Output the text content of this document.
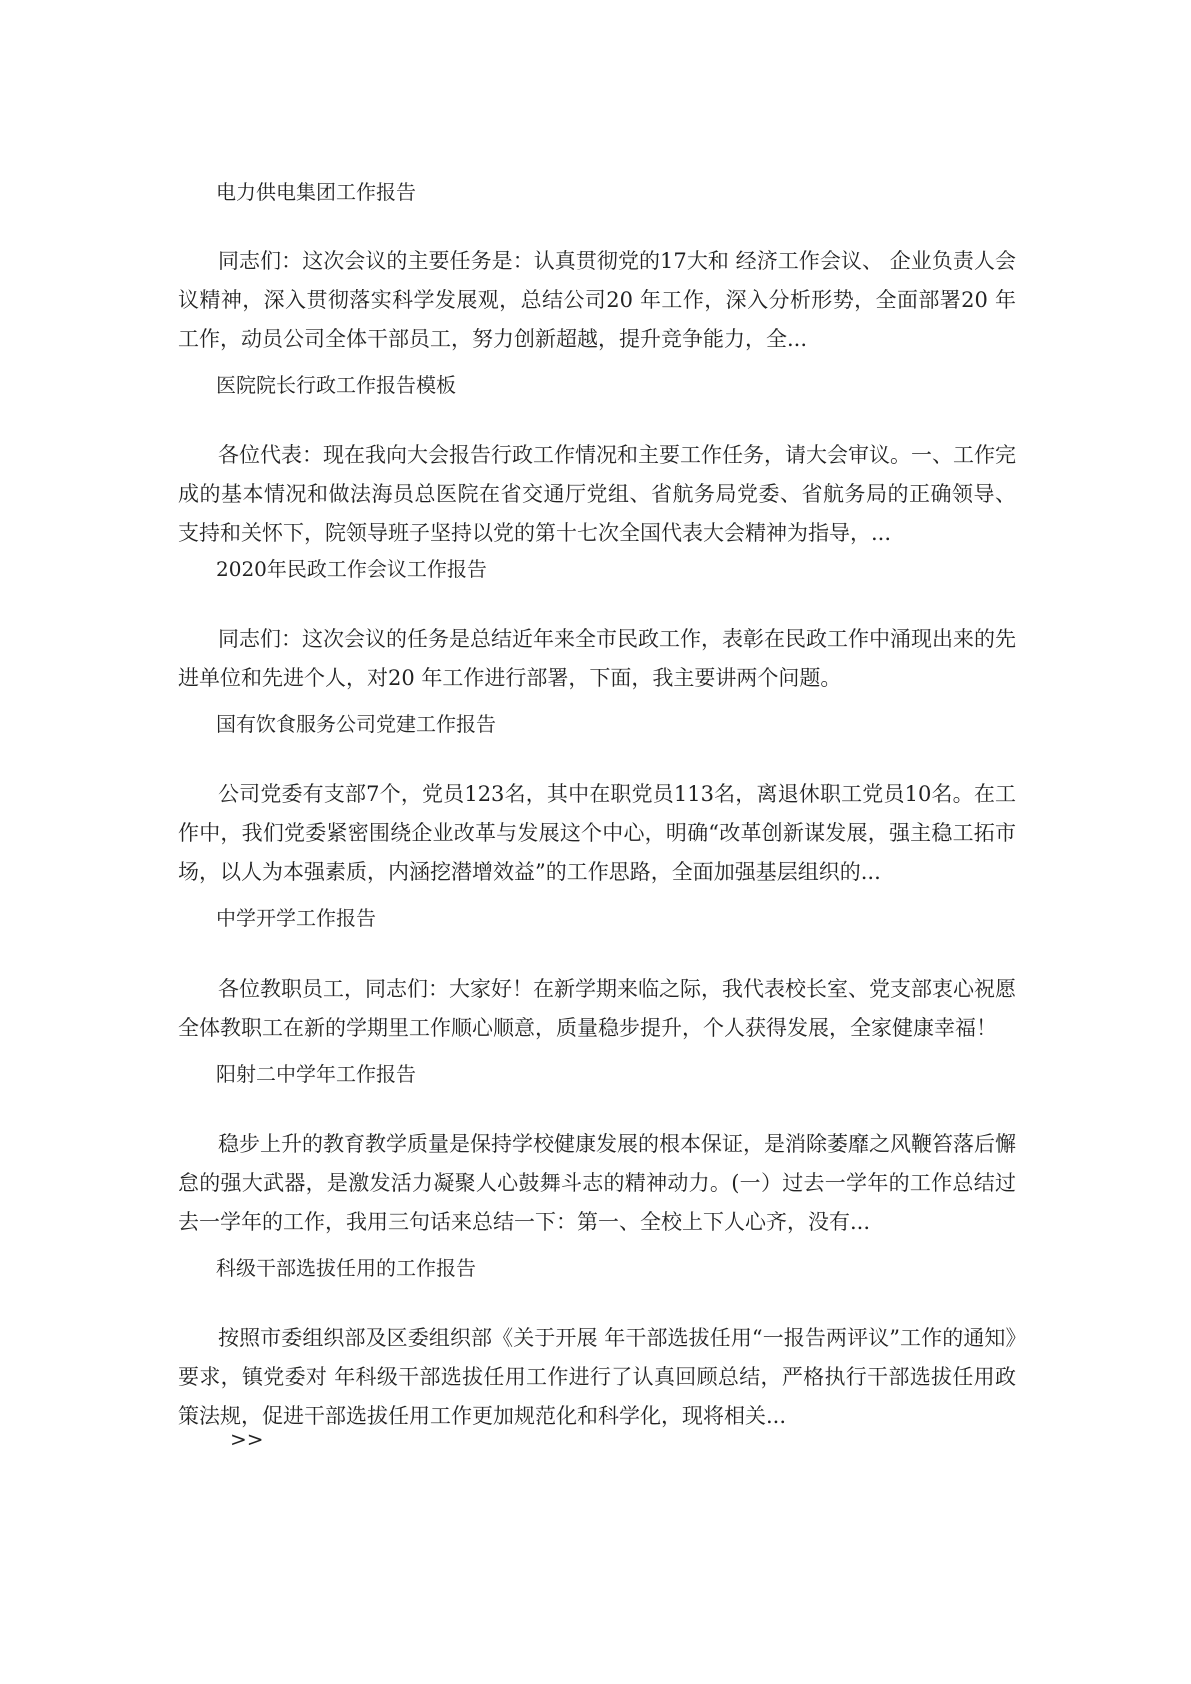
电力供电集团工作报告
同志们：这次会议的主要任务是：认真贯彻党的17大和 经济工作会议、 企业负责人会议精神，深入贯彻落实科学发展观，总结公司20 年工作，深入分析形势，全面部署20 年工作，动员公司全体干部员工，努力创新超越，提升竞争能力，全...
医院院长行政工作报告模板
各位代表：现在我向大会报告行政工作情况和主要工作任务，请大会审议。一、工作完成的基本情况和做法海员总医院在省交通厅党组、省航务局党委、省航务局的正确领导、支持和关怀下，院领导班子坚持以党的第十七次全国代表大会精神为指导，...
2020年民政工作会议工作报告
同志们：这次会议的任务是总结近年来全市民政工作，表彰在民政工作中涌现出来的先进单位和先进个人，对20 年工作进行部署，下面，我主要讲两个问题。
国有饮食服务公司党建工作报告
公司党委有支部7个，党员123名，其中在职党员113名，离退休职工党员10名。在工作中，我们党委紧密围绕企业改革与发展这个中心，明确“改革创新谋发展，强主稳工拓市场，以人为本强素质，内涵挖潜增效益”的工作思路，全面加强基层组织的...
中学开学工作报告
各位教职员工，同志们：大家好！在新学期来临之际，我代表校长室、党支部衷心祝愿全体教职工在新的学期里工作顺心顺意，质量稳步提升，个人获得发展，全家健康幸福！
阳射二中学年工作报告
稳步上升的教育教学质量是保持学校健康发展的根本保证，是消除萎靡之风鞭笞落后懈怠的强大武器，是激发活力凝聚人心鼓舞斗志的精神动力。(一）过去一学年的工作总结过去一学年的工作，我用三句话来总结一下：第一、全校上下人心齐，没有...
科级干部选拔任用的工作报告
按照市委组织部及区委组织部《关于开展 年干部选拔任用“一报告两评议”工作的通知》要求，镇党委对 年科级干部选拔任用工作进行了认真回顾总结，严格执行干部选拔任用政策法规，促进干部选拔任用工作更加规范化和科学化，现将相关...
>>
